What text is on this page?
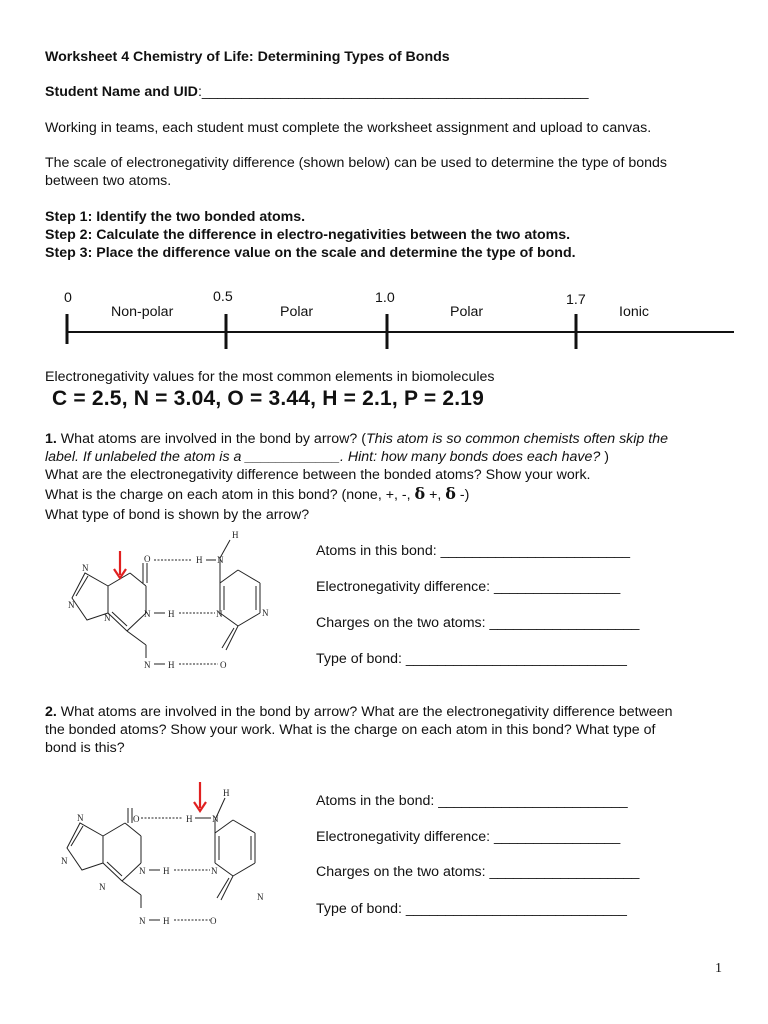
Worksheet 4 Chemistry of Life: Determining Types of Bonds
Student Name and UID:_________________________________________________
Working in teams, each student must complete the worksheet assignment and upload to canvas.
The scale of electronegativity difference (shown below) can be used to determine the type of bonds
between two atoms.
Step 1: Identify the two bonded atoms.
Step 2: Calculate the difference in electro-negativities between the two atoms.
Step 3: Place the difference value on the scale and determine the type of bond.
0	0.5	1.0	1.7
Non-polar	Polar	Polar	Ionic
Electronegativity values for the most common elements in biomolecules
C = 2.5, N = 3.04, O = 3.44, H = 2.1, P = 2.19
1. What atoms are involved in the bond by arrow? (This atom is so common chemists often skip the
label. If unlabeled the atom is a ____________. Hint: how many bonds does each have? )
What are the electronegativity difference between the bonded atoms? Show your work.
What is the charge on each atom in this bond? (none, +, -, δ +, δ -)
What type of bond is shown by the arrow?
N
N
N
O
N H
N H
H N
H
N	N
O
Atoms in this bond: ________________________
Electronegativity difference: ________________
Charges on the two atoms: ___________________
Type of bond: ____________________________
2. What atoms are involved in the bond by arrow? What are the electronegativity difference between
the bonded atoms? Show your work. What is the charge on each atom in this bond? What type of
bond is this?
N
N
N
O
N H
N H
H N
H
N
N
O
Atoms in the bond: ________________________
Electronegativity difference: ________________
Charges on the two atoms: ___________________
Type of bond: ____________________________
1
